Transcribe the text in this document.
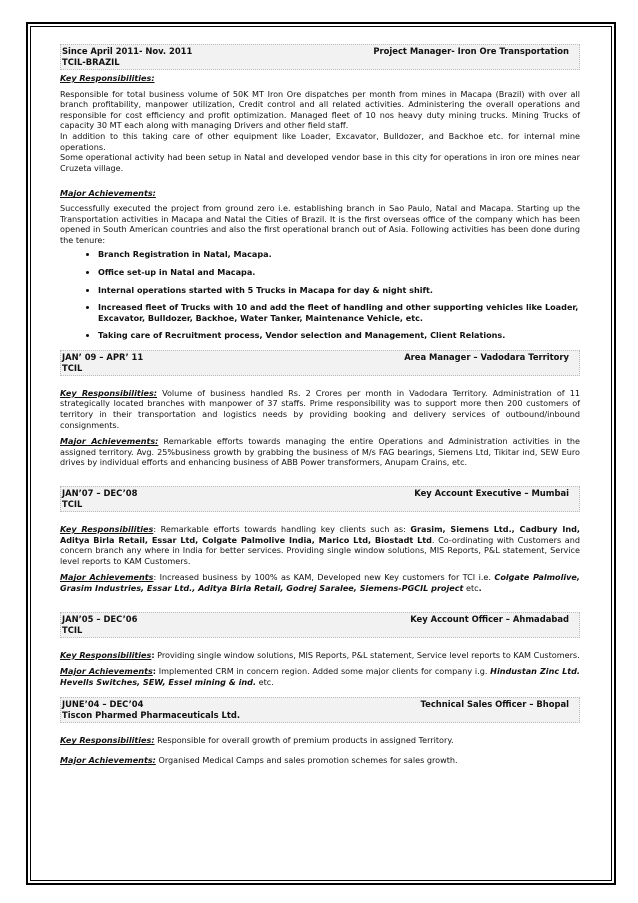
Since April 2011- Nov. 2011
TCIL-BRAZIL
Project Manager- Iron Ore Transportation
Key Responsibilities:

Responsible for total business volume of 50K MT Iron Ore dispatches per month from mines in Macapa (Brazil) with over all branch profitability, manpower utilization, Credit control and all related activities. Administering the overall operations and responsible for cost efficiency and profit optimization. Managed fleet of 10 nos heavy duty mining trucks. Mining Trucks of capacity 30 MT each along with managing Drivers and other field staff.

In addition to this taking care of other equipment like Loader, Excavator, Bulldozer, and Backhoe etc. for internal mine operations.

Some operational activity had been setup in Natal and developed vendor base in this city for operations in iron ore mines near Cruzeta village.

Major Achievements:

Successfully executed the project from ground zero i.e. establishing branch in Sao Paulo, Natal and Macapa. Starting up the Transportation activities in Macapa and Natal the Cities of Brazil. It is the first overseas office of the company which has been opened in South American countries and also the first operational branch out of Asia. Following activities has been done during the tenure:

• Branch Registration in Natal, Macapa.
• Office set-up in Natal and Macapa.
• Internal operations started with 5 Trucks in Macapa for day & night shift.
• Increased fleet of Trucks with 10 and add the fleet of handling and other supporting vehicles like Loader, Excavator, Bulldozer, Backhoe, Water Tanker, Maintenance Vehicle, etc.
• Taking care of Recruitment process, Vendor selection and Management, Client Relations.
JAN’ 09 – APR’ 11
TCIL
Area Manager – Vadodara Territory

Key Responsibilities: Volume of business handled Rs. 2 Crores per month in Vadodara Territory. Administration of 11 strategically located branches with manpower of 37 staffs. Prime responsibility was to support more then 200 customers of territory in their transportation and logistics needs by providing booking and delivery services of outbound/inbound consignments.

Major Achievements: Remarkable efforts towards managing the entire Operations and Administration activities in the assigned territory. Avg. 25%business growth by grabbing the business of M/s FAG bearings, Siemens Ltd, Tikitar ind, SEW Euro drives by individual efforts and enhancing business of ABB Power transformers, Anupam Crains, etc.

JAN’07 – DEC’08
TCIL
Key Account Executive – Mumbai

Key Responsibilities: Remarkable efforts towards handling key clients such as: Grasim, Siemens Ltd., Cadbury Ind, Aditya Birla Retail, Essar Ltd, Colgate Palmolive India, Marico Ltd, Biostadt Ltd. Co-ordinating with Customers and concern branch any where in India for better services. Providing single window solutions, MIS Reports, P&L statement, Service level reports to KAM Customers.

Major Achievements: Increased business by 100% as KAM, Developed new Key customers for TCI i.e. Colgate Palmolive, Grasim Industries, Essar Ltd., Aditya Birla Retail, Godrej Saralee, Siemens-PGCIL project etc.

JAN’05 – DEC’06
TCIL
Key Account Officer – Ahmadabad

Key Responsibilities: Providing single window solutions, MIS Reports, P&L statement, Service level reports to KAM Customers.

Major Achievements: Implemented CRM in concern region. Added some major clients for company i.g. Hindustan Zinc Ltd. Hevells Switches, SEW, Essel mining & ind. etc.

JUNE’04 – DEC’04
Tiscon Pharmed Pharmaceuticals Ltd.
Technical Sales Officer – Bhopal

Key Responsibilities: Responsible for overall growth of premium products in assigned Territory.

Major Achievements: Organised Medical Camps and sales promotion schemes for sales growth.
